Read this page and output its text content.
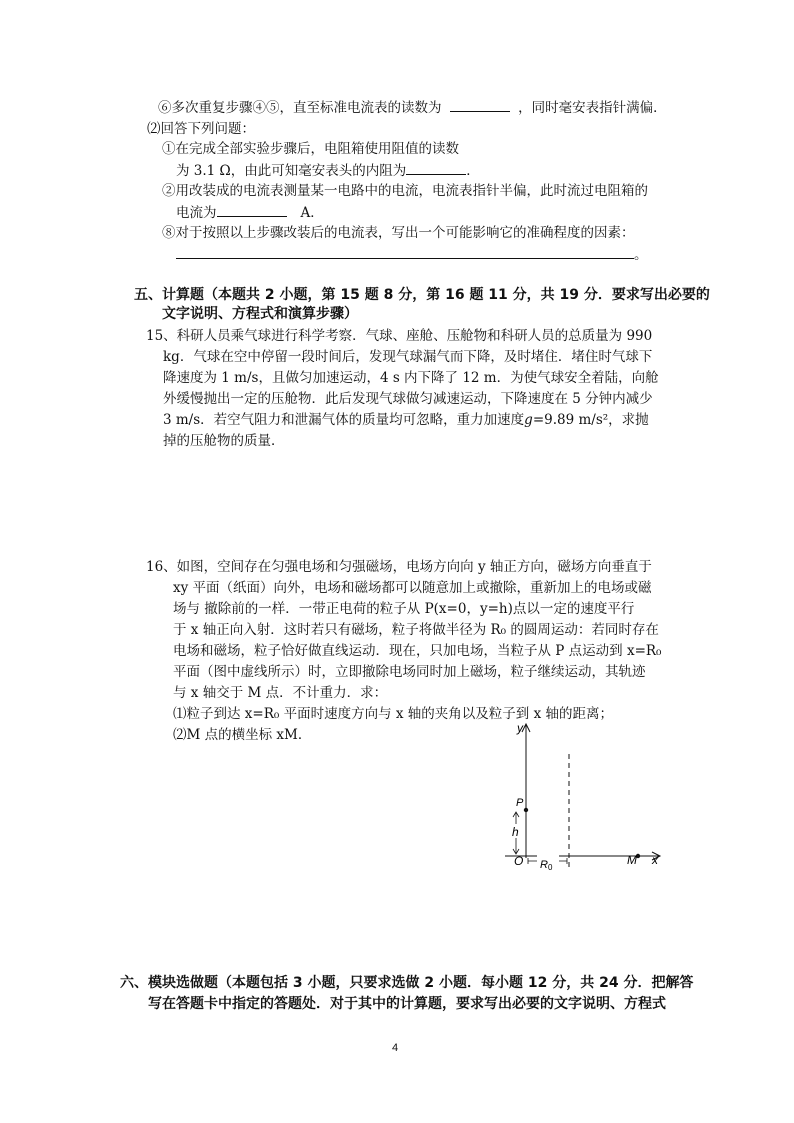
⑥多次重复步骤④⑤，直至标准电流表的读数为	，同时毫安表指针满偏．
⑵回答下列问题：
①在完成全部实验步骤后，电阻箱使用阻值的读数
为 3.1 Ω，由此可知毫安表头的内阻为	．
②用改装成的电流表测量某一电路中的电流，电流表指针半偏，此时流过电阻箱的
电流为	A．
⑧对于按照以上步骤改装后的电流表，写出一个可能影响它的准确程度的因素：
。
五、计算题（本题共 2 小题，第 15 题 8 分，第 16 题 11 分，共 19 分．要求写出必要的
文字说明、方程式和演算步骤）
15、科研人员乘气球进行科学考察．气球、座舱、压舱物和科研人员的总质量为 990
kg．气球在空中停留一段时间后，发现气球漏气而下降，及时堵住．堵住时气球下
降速度为 1 m/s，且做匀加速运动，4 s 内下降了 12 m．为使气球安全着陆，向舱
外缓慢抛出一定的压舱物．此后发现气球做匀减速运动，下降速度在 5 分钟内减少
3 m/s．若空气阻力和泄漏气体的质量均可忽略，重力加速度g=9.89 m/s²，求抛
掉的压舱物的质量．
16、如图，空间存在匀强电场和匀强磁场，电场方向向 y 轴正方向，磁场方向垂直于
xy 平面（纸面）向外，电场和磁场都可以随意加上或撤除，重新加上的电场或磁
场与 撤除前的一样．一带正电荷的粒子从 P(x=0，y=h)点以一定的速度平行
于 x 轴正向入射．这时若只有磁场，粒子将做半径为 R₀ 的圆周运动：若同时存在
电场和磁场，粒子恰好做直线运动．现在，只加电场，当粒子从 P 点运动到 x=R₀
平面（图中虚线所示）时，立即撤除电场同时加上磁场，粒子继续运动，其轨迹
与 x 轴交于 M 点．不计重力．求：
⑴粒子到达 x=R₀ 平面时速度方向与 x 轴的夹角以及粒子到 x 轴的距离；
⑵M 点的横坐标 xM．	y
x
O
P
h
R0
M
六、模块选做题（本题包括 3 小题，只要求选做 2 小题．每小题 12 分，共 24 分．把解答
写在答题卡中指定的答题处．对于其中的计算题，要求写出必要的文字说明、方程式
4
